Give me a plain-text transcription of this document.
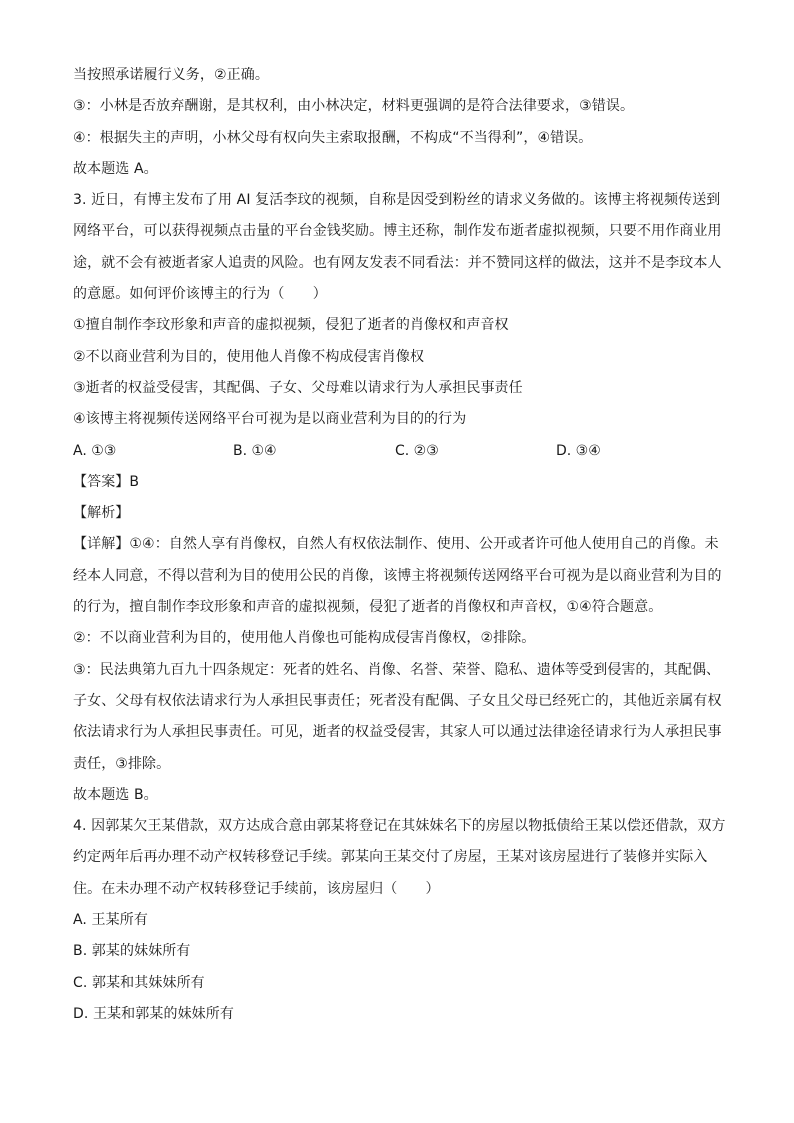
当按照承诺履行义务，②正确。
③：小林是否放弃酬谢，是其权利，由小林决定，材料更强调的是符合法律要求，③错误。
④：根据失主的声明，小林父母有权向失主索取报酬，不构成“不当得利”，④错误。
故本题选 A。
3. 近日，有博主发布了用 AI 复活李玟的视频，自称是因受到粉丝的请求义务做的。该博主将视频传送到
网络平台，可以获得视频点击量的平台金钱奖励。博主还称，制作发布逝者虚拟视频，只要不用作商业用
途，就不会有被逝者家人追责的风险。也有网友发表不同看法：并不赞同这样的做法，这并不是李玟本人
的意愿。如何评价该博主的行为（　　）
①擅自制作李玟形象和声音的虚拟视频，侵犯了逝者的肖像权和声音权
②不以商业营利为目的，使用他人肖像不构成侵害肖像权
③逝者的权益受侵害，其配偶、子女、父母难以请求行为人承担民事责任
④该博主将视频传送网络平台可视为是以商业营利为目的的行为
A. ①③	B. ①④	C. ②③	D. ③④
【答案】B
【解析】
【详解】①④：自然人享有肖像权，自然人有权依法制作、使用、公开或者许可他人使用自己的肖像。未
经本人同意，不得以营利为目的使用公民的肖像，该博主将视频传送网络平台可视为是以商业营利为目的
的行为，擅自制作李玟形象和声音的虚拟视频，侵犯了逝者的肖像权和声音权，①④符合题意。
②：不以商业营利为目的，使用他人肖像也可能构成侵害肖像权，②排除。
③：民法典第九百九十四条规定：死者的姓名、肖像、名誉、荣誉、隐私、遗体等受到侵害的，其配偶、
子女、父母有权依法请求行为人承担民事责任；死者没有配偶、子女且父母已经死亡的，其他近亲属有权
依法请求行为人承担民事责任。可见，逝者的权益受侵害，其家人可以通过法律途径请求行为人承担民事
责任，③排除。
故本题选 B。
4. 因郭某欠王某借款，双方达成合意由郭某将登记在其妹妹名下的房屋以物抵债给王某以偿还借款，双方
约定两年后再办理不动产权转移登记手续。郭某向王某交付了房屋，王某对该房屋进行了装修并实际入
住。在未办理不动产权转移登记手续前，该房屋归（　　）
A. 王某所有
B. 郭某的妹妹所有
C. 郭某和其妹妹所有
D. 王某和郭某的妹妹所有
